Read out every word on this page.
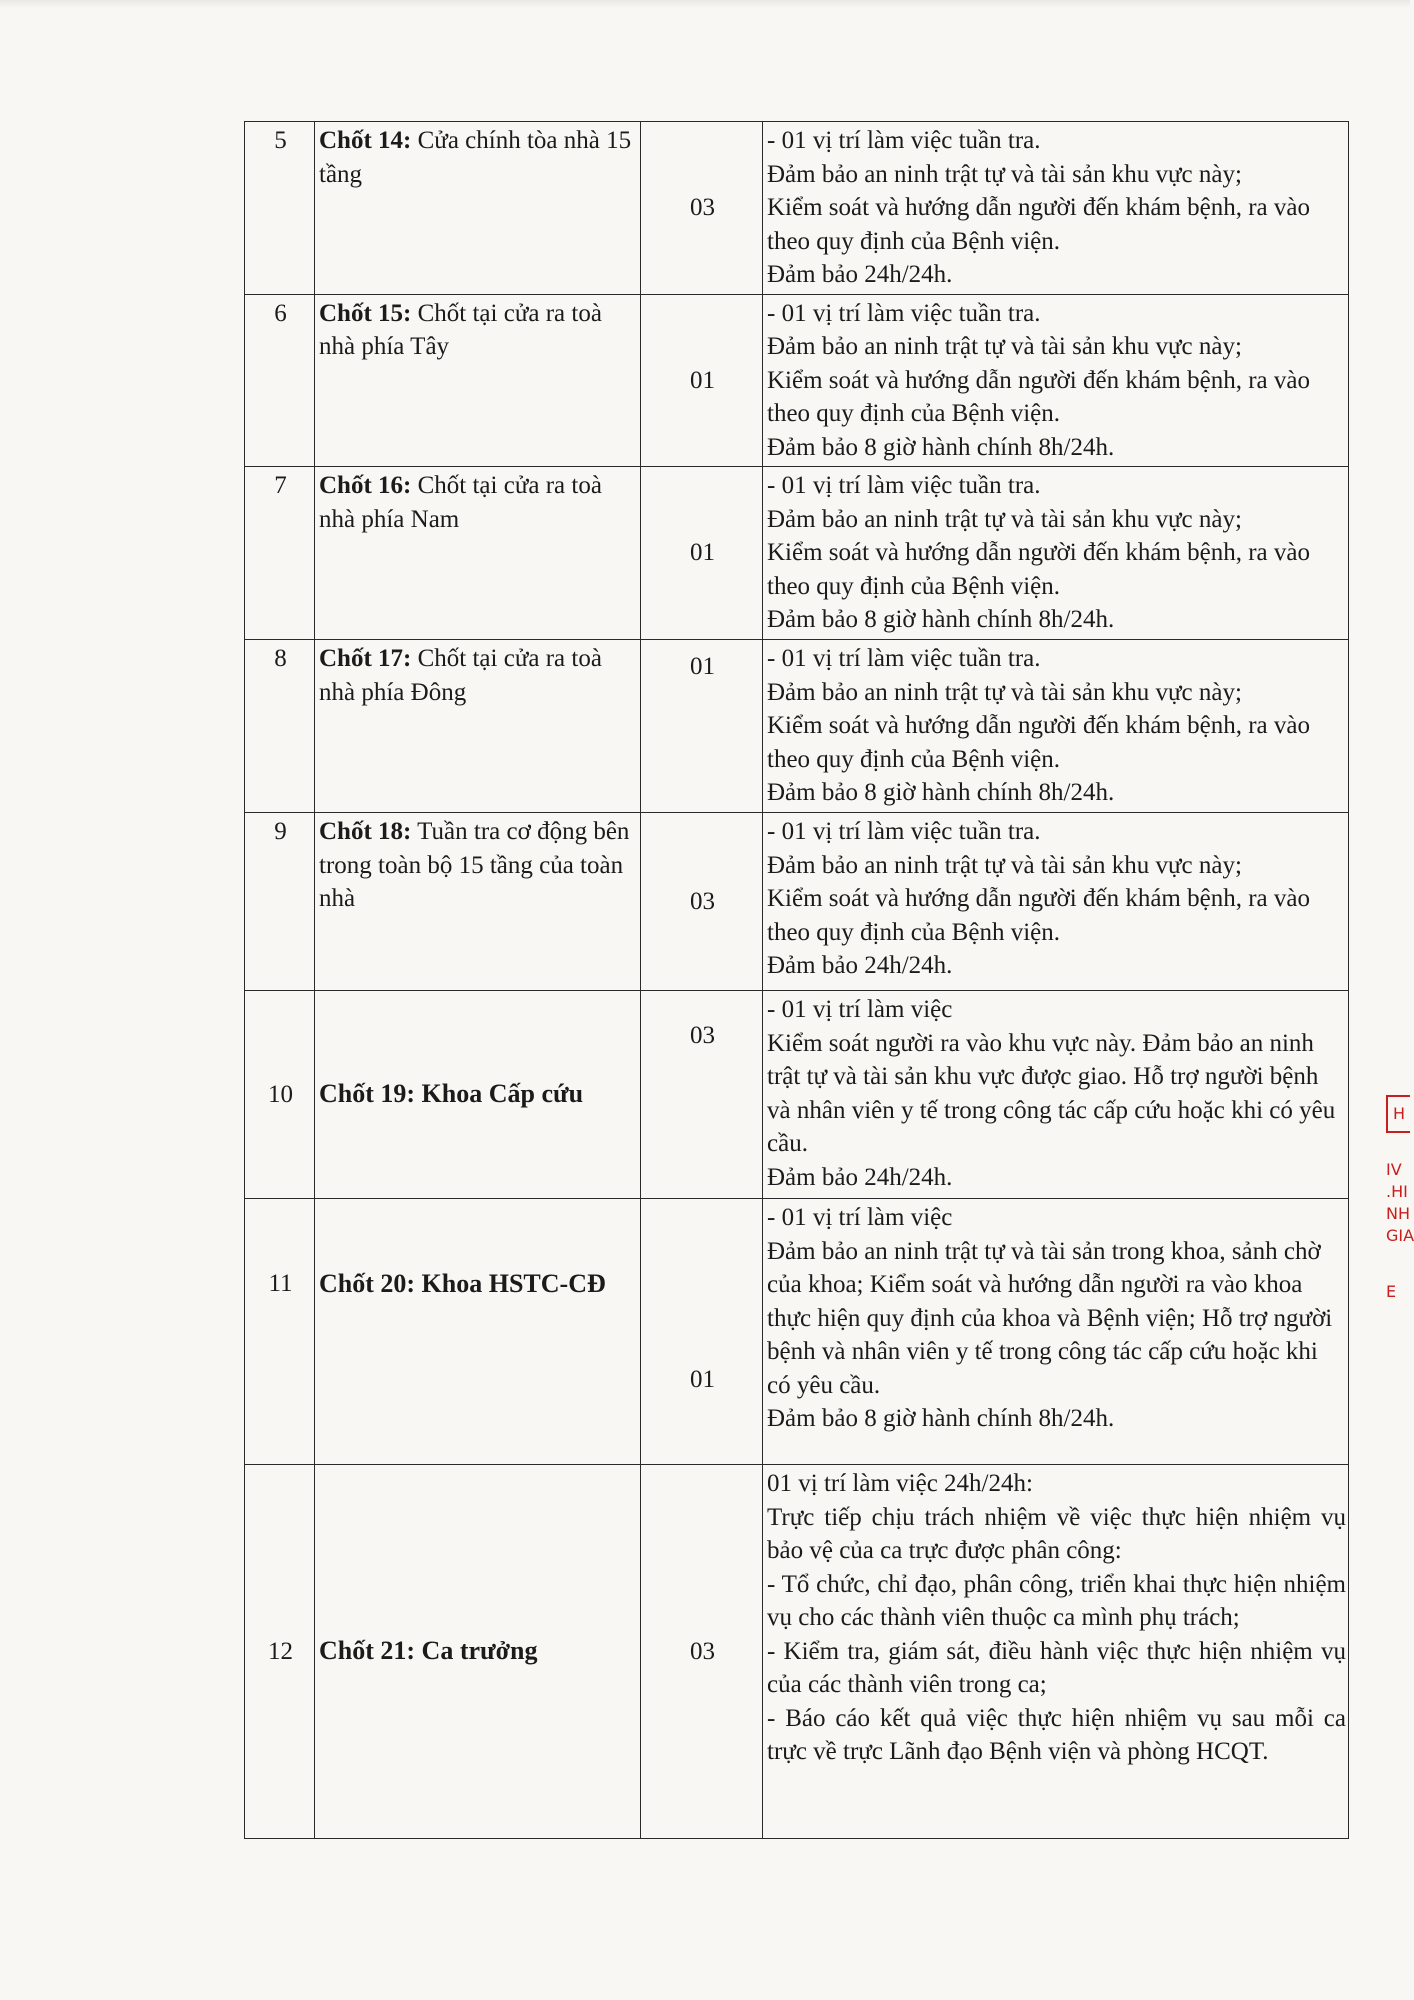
5	Chốt 14: Cửa chính tòa nhà 15 tầng	03	- 01 vị trí làm việc tuần tra.
Đảm bảo an ninh trật tự và tài sản khu vực này;
Kiểm soát và hướng dẫn người đến khám bệnh, ra vào theo quy định của Bệnh viện.
Đảm bảo 24h/24h.
6	Chốt 15: Chốt tại cửa ra toà nhà phía Tây	01	- 01 vị trí làm việc tuần tra.
Đảm bảo an ninh trật tự và tài sản khu vực này;
Kiểm soát và hướng dẫn người đến khám bệnh, ra vào theo quy định của Bệnh viện.
Đảm bảo 8 giờ hành chính 8h/24h.
7	Chốt 16: Chốt tại cửa ra toà nhà phía Nam	01	- 01 vị trí làm việc tuần tra.
Đảm bảo an ninh trật tự và tài sản khu vực này;
Kiểm soát và hướng dẫn người đến khám bệnh, ra vào theo quy định của Bệnh viện.
Đảm bảo 8 giờ hành chính 8h/24h.
8	Chốt 17: Chốt tại cửa ra toà nhà phía Đông	01	- 01 vị trí làm việc tuần tra.
Đảm bảo an ninh trật tự và tài sản khu vực này;
Kiểm soát và hướng dẫn người đến khám bệnh, ra vào theo quy định của Bệnh viện.
Đảm bảo 8 giờ hành chính 8h/24h.
9	Chốt 18: Tuần tra cơ động bên trong toàn bộ 15 tầng của toàn nhà	03	- 01 vị trí làm việc tuần tra.
Đảm bảo an ninh trật tự và tài sản khu vực này;
Kiểm soát và hướng dẫn người đến khám bệnh, ra vào theo quy định của Bệnh viện.
Đảm bảo 24h/24h.
10	Chốt 19: Khoa Cấp cứu	03	- 01 vị trí làm việc
Kiểm soát người ra vào khu vực này. Đảm bảo an ninh trật tự và tài sản khu vực được giao. Hỗ trợ người bệnh và nhân viên y tế trong công tác cấp cứu hoặc khi có yêu cầu.
Đảm bảo 24h/24h.
11	Chốt 20: Khoa HSTC-CĐ	01	- 01 vị trí làm việc
Đảm bảo an ninh trật tự và tài sản trong khoa, sảnh chờ của khoa; Kiểm soát và hướng dẫn người ra vào khoa thực hiện quy định của khoa và Bệnh viện; Hỗ trợ người bệnh và nhân viên y tế trong công tác cấp cứu hoặc khi
có yêu cầu.
Đảm bảo 8 giờ hành chính 8h/24h.
12	Chốt 21: Ca trưởng	03	01 vị trí làm việc 24h/24h:
Trực tiếp chịu trách nhiệm về việc thực hiện nhiệm vụ bảo vệ của ca trực được phân công:
- Tổ chức, chỉ đạo, phân công, triển khai thực hiện nhiệm vụ cho các thành viên thuộc ca mình phụ trách;
- Kiểm tra, giám sát, điều hành việc thực hiện nhiệm vụ của các thành viên trong ca;
- Báo cáo kết quả việc thực hiện nhiệm vụ sau mỗi ca trực về trực Lãnh đạo Bệnh viện và phòng HCQT.
H
IV
.HI
NH
GIA
E
